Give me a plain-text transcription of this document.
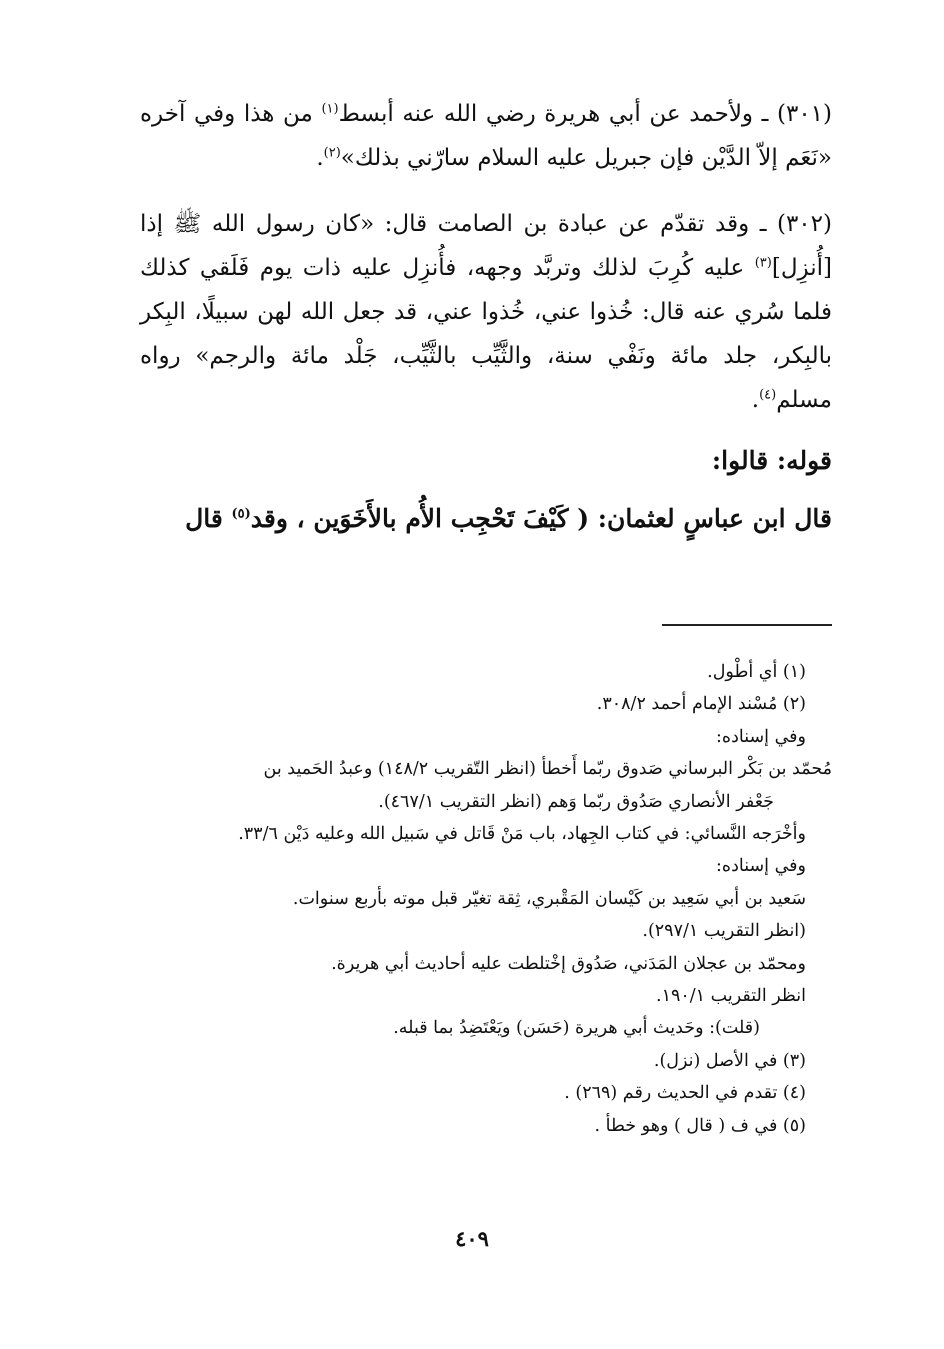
(٣٠١) ـ ولأحمد عن أبي هريرة رضي الله عنه أبسط$^{(١)}$ من هذا وفي آخره «نَعَم إلاّ الدَّيْن فإن جبريل عليه السلام سارّني بذلك»$^{(٢)}$.

(٣٠٢) ـ وقد تقدّم عن عبادة بن الصامت قال: «كان رسول الله ﷺ إذا [أُنزِل]$^{(٣)}$ عليه كُرِبَ لذلك وتربَّد وجهه، فأُنزِل عليه ذات يوم فَلَقي كذلك فلما سُري عنه قال: خُذوا عني، خُذوا عني، قد جعل الله لهن سبيلًا، البِكر بالبِكر، جلد مائة ونَفْي سنة، والثَّيِّب بالثَّيِّب، جَلْد مائة والرجم» رواه مسلم$^{(٤)}$.

قوله: قالوا:
قال ابن عباسٍ لعثمان: ( كَيْفَ تَحْجِب الأُم بالأَخَوَين ، وقد$^{(٥)}$ قال
(١) أي أطْول.
(٢) مُسْند الإمام أحمد ٣٠٨/٢.
وفي إسناده:
مُحمّد بن بَكْر البرساني صَدوق ربّما أَخطأ (انظر التّقريب ١٤٨/٢) وعبدُ الحَميد بن
جَعْفر الأنصاري صَدُوق ربّما وَهم (انظر التقريب ٤٦٧/١).
وأخْرَجه النَّسائي: في كتاب الجِهاد، باب مَنْ قَاتل في سَبيل الله وعليه دَيْن ٣٣/٦.
وفي إسناده:
سَعيد بن أبي سَعِيد بن كَيْسان المَقْبري، ثِقة تغيّر قبل موته بأربع سنوات.
(انظر التقريب ٢٩٧/١).
ومحمّد بن عجلان المَدَني، صَدُوق إخْتلطت عليه أحاديث أبي هريرة.
انظر التقريب ١٩٠/١.
(قلت): وحَديث أبي هريرة (حَسَن) ويَعْتَضِدُ بما قبله.
(٣) في الأصل (نزل).
(٤) تقدم في الحديث رقم (٢٦٩) .
(٥) في ف ( قال ) وهو خطأ .
٤٠٩
